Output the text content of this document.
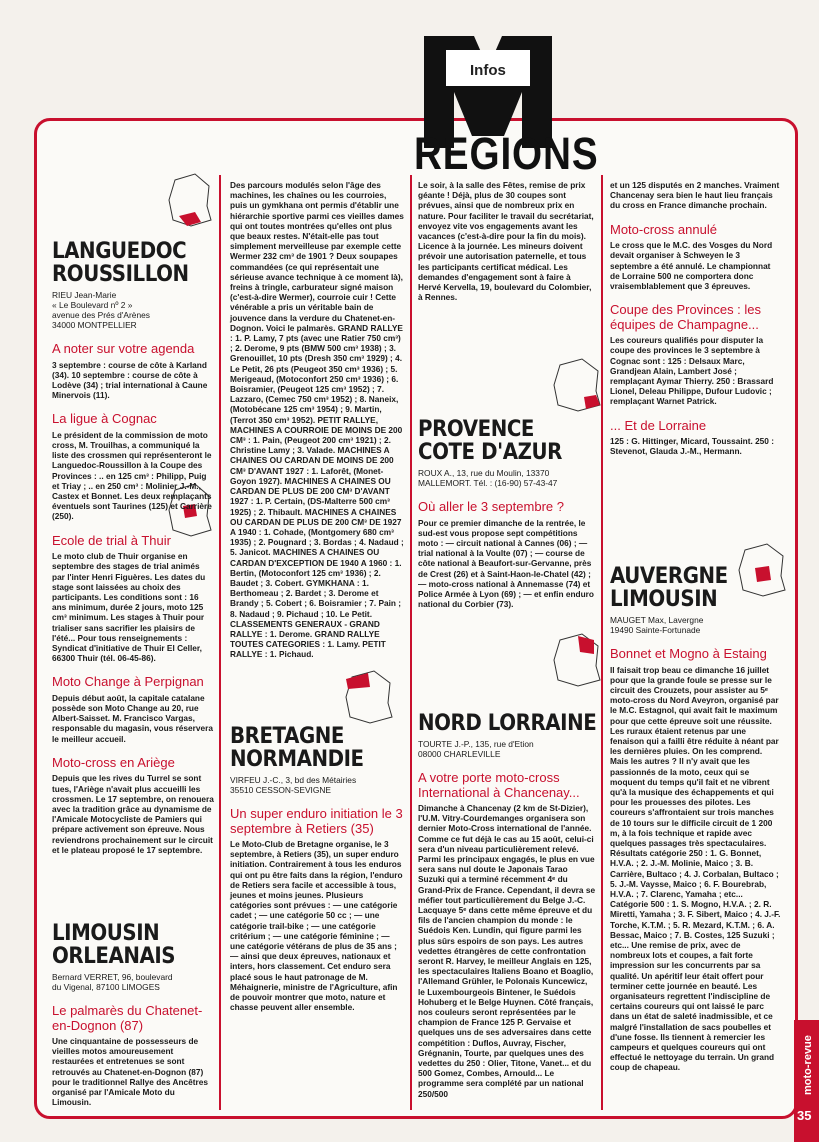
Infos
REGIONS
LANGUEDOC
ROUSSILLON
RIEU Jean-Marie
« Le Boulevard nº 2 »
avenue des Prés d'Arènes
34000 MONTPELLIER
A noter sur votre agenda

3 septembre : course de côte à Karland (34). 10 septembre : course de côte à Lodève (34) ; trial international à Caune Minervois (11).

La ligue à Cognac

Le président de la commission de moto cross, M. Trouilhas, a communiqué la liste des crossmen qui représenteront le Languedoc-Roussillon à la Coupe des Provinces : .. en 125 cm³ : Philipp, Puig et Triay ; .. en 250 cm³ : Molinier J.-M., Castex et Bonnet. Les deux remplaçants éventuels sont Taurines (125) et Carrière (250).

Ecole de trial à Thuir

Le moto club de Thuir organise en septembre des stages de trial animés par l'inter Henri Figuères. Les dates du stage sont laissées au choix des participants. Les conditions sont : 16 ans minimum, durée 2 jours, moto 125 cm³ minimum. Les stages à Thuir pour trialiser sans sacrifier les plaisirs de l'été... Pour tous renseignements : Syndicat d'initiative de Thuir El Celler, 66300 Thuir (tél. 06-45-86).

Moto Change à Perpignan

Depuis début août, la capitale catalane possède son Moto Change au 20, rue Albert-Saisset. M. Francisco Vargas, responsable du magasin, vous réservera le meilleur accueil.

Moto-cross en Ariège

Depuis que les rives du Turrel se sont tues, l'Ariège n'avait plus accueilli les crossmen. Le 17 septembre, on renouera avec la tradition grâce au dynamisme de l'Amicale Motocycliste de Pamiers qui prépare activement son épreuve. Nous reviendrons prochainement sur le circuit et le plateau proposé le 17 septembre.

LIMOUSIN
ORLEANAIS
Bernard VERRET, 96, boulevard
du Vigenal, 87100 LIMOGES
Le palmarès du Chatenet-en-Dognon (87)

Une cinquantaine de possesseurs de vieilles motos amoureusement restaurées et entretenues se sont retrouvés au Chatenet-en-Dognon (87) pour le traditionnel Rallye des Ancêtres organisé par l'Amicale Moto du Limousin.

Des parcours modulés selon l'âge des machines, les chaînes ou les courroies, puis un gymkhana ont permis d'établir une hiérarchie sportive parmi ces vieilles dames qui ont toutes montrées qu'elles ont plus que beaux restes. N'était-elle pas tout simplement merveilleuse par exemple cette Wermer 232 cm³ de 1901 ? Deux soupapes commandées (ce qui représentait une sérieuse avance technique à ce moment là), freins à tringle, carburateur signé maison (c'est-à-dire Wermer), courroie cuir ! Cette vénérable a pris un véritable bain de jouvence dans la verdure du Chatenet-en-Dognon. Voici le palmarès. GRAND RALLYE : 1. P. Lamy, 7 pts (avec une Ratier 750 cm³) ; 2. Derome, 9 pts (BMW 500 cm³ 1938) ; 3. Grenouillet, 10 pts (Dresh 350 cm³ 1929) ; 4. Le Petit, 26 pts (Peugeot 350 cm³ 1936) ; 5. Merigeaud, (Motoconfort 250 cm³ 1936) ; 6. Boisramier, (Peugeot 125 cm³ 1952) ; 7. Lazzaro, (Cemec 750 cm³ 1952) ; 8. Naneix, (Motobécane 125 cm³ 1954) ; 9. Martin, (Terrot 350 cm³ 1952). PETIT RALLYE, MACHINES A COURROIE DE MOINS DE 200 CM³ : 1. Pain, (Peugeot 200 cm³ 1921) ; 2. Christine Lamy ; 3. Valade. MACHINES A CHAINES OU CARDAN DE MOINS DE 200 CM³ D'AVANT 1927 : 1. Laforêt, (Monet-Goyon 1927). MACHINES A CHAINES OU CARDAN DE PLUS DE 200 CM³ D'AVANT 1927 : 1. P. Certain, (DS-Malterre 500 cm³ 1925) ; 2. Thibault. MACHINES A CHAINES OU CARDAN DE PLUS DE 200 CM³ DE 1927 A 1940 : 1. Cohade, (Montgomery 680 cm³ 1935) ; 2. Pougnard ; 3. Bordas ; 4. Nadaud ; 5. Janicot. MACHINES A CHAINES OU CARDAN D'EXCEPTION DE 1940 A 1960 : 1. Bertin, (Motoconfort 125 cm³ 1936) ; 2. Baudet ; 3. Cobert. GYMKHANA : 1. Berthomeau ; 2. Bardet ; 3. Derome et Brandy ; 5. Cobert ; 6. Boisramier ; 7. Pain ; 8. Nadaud ; 9. Pichaud ; 10. Le Petit. CLASSEMENTS GENERAUX - GRAND RALLYE : 1. Derome. GRAND RALLYE TOUTES CATEGORIES : 1. Lamy. PETIT RALLYE : 1. Pichaud.

BRETAGNE
NORMANDIE
VIRFEU J.-C., 3, bd des Métairies
35510 CESSON-SEVIGNE
Un super enduro initiation le 3 septembre à Retiers (35)

Le Moto-Club de Bretagne organise, le 3 septembre, à Retiers (35), un super enduro initiation. Contrairement à tous les enduros qui ont pu être faits dans la région, l'enduro de Retiers sera facile et accessible à tous, jeunes et moins jeunes. Plusieurs catégories sont prévues : — une catégorie cadet ; — une catégorie 50 cc ; — une catégorie trail-bike ; — une catégorie critérium ; — une catégorie féminine ; — une catégorie vétérans de plus de 35 ans ; — ainsi que deux épreuves, nationaux et inters, hors classement. Cet enduro sera placé sous le haut patronage de M. Méhaignerie, ministre de l'Agriculture, afin de pouvoir montrer que moto, nature et chasse peuvent aller ensemble.

Le soir, à la salle des Fêtes, remise de prix géante ! Déjà, plus de 30 coupes sont prévues, ainsi que de nombreux prix en nature. Pour faciliter le travail du secrétariat, envoyez vite vos engagements avant les vacances (c'est-à-dire pour la fin du mois). Licence à la journée. Les mineurs doivent prévoir une autorisation paternelle, et tous les participants certificat médical. Les demandes d'engagement sont à faire à Hervé Kervella, 19, boulevard du Colombier, à Rennes.

PROVENCE
COTE D'AZUR
ROUX A., 13, rue du Moulin, 13370
MALLEMORT. Tél. : (16-90) 57-43-47
Où aller le 3 septembre ?

Pour ce premier dimanche de la rentrée, le sud-est vous propose sept compétitions moto : — circuit national à Cannes (06) ; — trial national à la Voulte (07) ; — course de côte national à Beaufort-sur-Gervanne, près de Crest (26) et à Saint-Haon-le-Chatel (42) ; — moto-cross national à Annemasse (74) et Police Armée à Lyon (69) ; — et enfin enduro national du Corbier (73).

NORD LORRAINE
TOURTE J.-P., 135, rue d'Etion
08000 CHARLEVILLE
A votre porte moto-cross International à Chancenay...

Dimanche à Chancenay (2 km de St-Dizier), l'U.M. Vitry-Courdemanges organisera son dernier Moto-Cross international de l'année. Comme ce fut déjà le cas au 15 août, celui-ci sera d'un niveau particulièrement relevé. Parmi les principaux engagés, le plus en vue sera sans nul doute le Japonais Tarao Suzuki qui a terminé récemment 4ᵉ du Grand-Prix de France. Cependant, il devra se méfier tout particulièrement du Belge J.-C. Lacquaye 5ᵉ dans cette même épreuve et du fils de l'ancien champion du monde : le Suédois Ken. Lundin, qui figure parmi les plus sûrs espoirs de son pays. Les autres vedettes étrangères de cette confrontation seront R. Harvey, le meilleur Anglais en 125, les spectaculaires Italiens Boano et Boaglio, l'Allemand Grühler, le Polonais Kuncewicz, le Luxembourgeois Bintener, le Suédois Hohuberg et le Belge Huynen. Côté français, nos couleurs seront représentées par le champion de France 125 P. Gervaise et quelques uns de ses adversaires dans cette compétition : Duflos, Auvray, Fischer, Grégnanin, Tourte, par quelques unes des vedettes du 250 : Olier, Titone, Vanet... et du 500 Gomez, Combes, Arnould... Le programme sera complété par un national 250/500

et un 125 disputés en 2 manches. Vraiment Chancenay sera bien le haut lieu français du cross en France dimanche prochain.

Moto-cross annulé

Le cross que le M.C. des Vosges du Nord devait organiser à Schweyen le 3 septembre a été annulé. Le championnat de Lorraine 500 ne comportera donc vraisemblablement que 3 épreuves.

Coupe des Provinces : les équipes de Champagne...

Les coureurs qualifiés pour disputer la coupe des provinces le 3 septembre à Cognac sont : 125 : Delsaux Marc, Grandjean Alain, Lambert José ; remplaçant Aymar Thierry. 250 : Brassard Lionel, Deleau Philippe, Dufour Ludovic ; remplaçant Warnet Patrick.

... Et de Lorraine

125 : G. Hittinger, Micard, Toussaint. 250 : Stevenot, Glauda J.-M., Hermann.

AUVERGNE
LIMOUSIN
MAUGET Max, Lavergne
19490 Sainte-Fortunade
Bonnet et Mogno à Estaing

Il faisait trop beau ce dimanche 16 juillet pour que la grande foule se presse sur le circuit des Crouzets, pour assister au 5ᵉ moto-cross du Nord Aveyron, organisé par le M.C. Estagnol, qui avait fait le maximum pour que cette épreuve soit une réussite. Les ruraux étaient retenus par une fenaison qui a failli être réduite à néant par les dernières pluies. On les comprend. Mais les autres ? Il n'y avait que les passionnés de la moto, ceux qui se moquent du temps qu'il fait et ne vibrent qu'à la musique des échappements et qui pour les prouesses des pilotes. Les coureurs s'affrontaient sur trois manches de 10 tours sur le difficile circuit de 1 200 m, à la fois technique et rapide avec quelques passages très spectaculaires. Résultats catégorie 250 : 1. G. Bonnet, H.V.A. ; 2. J.-M. Molinie, Maico ; 3. B. Carrière, Bultaco ; 4. J. Corbalan, Bultaco ; 5. J.-M. Vaysse, Maico ; 6. F. Bourebrab, H.V.A. ; 7. Clarenc, Yamaha ; etc... Catégorie 500 : 1. S. Mogno, H.V.A. ; 2. R. Miretti, Yamaha ; 3. F. Sibert, Maico ; 4. J.-F. Torche, K.T.M. ; 5. R. Mezard, K.T.M. ; 6. A. Bessac, Maico ; 7. B. Costes, 125 Suzuki ; etc... Une remise de prix, avec de nombreux lots et coupes, a fait forte impression sur les concurrents par sa qualité. Un apéritif leur était offert pour terminer cette journée en beauté. Les organisateurs regrettent l'indiscipline de certains coureurs qui ont laissé le parc dans un état de saleté inadmissible, et ce malgré l'installation de sacs poubelles et d'une fosse. Ils tiennent à remercier les campeurs et quelques coureurs qui ont effectué le nettoyage du terrain. Un grand coup de chapeau.	moto-revue
35
